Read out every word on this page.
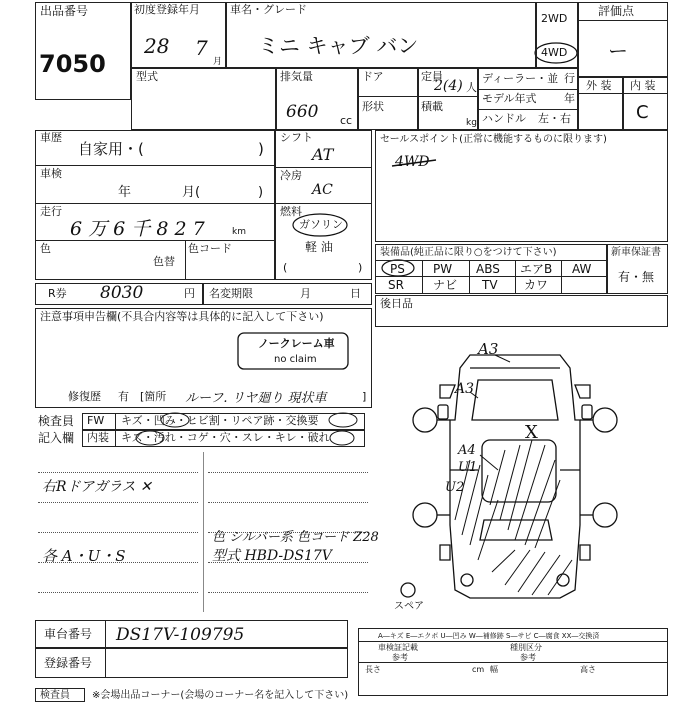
出品番号
7050
初度登録年月
28 7
月
車名・グレード
ミニ キャブ バン
2WD
4WD
評価点
ー
型式	排気量
660 cc
ドア
形状
定員
2(4) 人
積載
kg
ディーラー・並 行
モデル年式	年
ハンドル 左・右
外 装 内 装
C
車歴
自家用・(	)
車検
年	月(	)
走行
6 万 6 千 8 2 7	km
色	色コード
色替
シフト
AT
冷房
AC
燃料
ガソリン
軽 油
(	)
R券 8030	円 名変期限	月	日
注意事項申告欄(不具合内容等は具体的に記入して下さい)
ノークレーム車
no claim
修復歴 有 [箇所 ルーフ. リヤ廻り 現状車	]
検査員
記入欄
FW キズ・凹み・ヒビ割・リペア跡・交換要
内装 キズ・汚れ・コゲ・穴・スレ・キレ・破れ
右Rドアガラス ✕
各 A・U・S
色 シルバー系 色コード Z28
型式 HBD-DS17V
セールスポイント(正常に機能するものに限ります)
4WD
装備品(純正品に限り○をつけて下さい)
PS PW ABS エアB AW
SR ナビ TV カワ
新車保証書
有・無
後日品
A3
A3
A4
U1
U2
X
スペア
車台番号 DS17V-109795
登録番号
A―キズ E―エクボ U―凹み W―補修跡 S―サビ C―腐食 XX―交換済
車検証記載
参考
種別区分
参考
長さ	cm 幅	高さ
検査員 ※会場出品コーナー(会場のコーナー名を記入して下さい)
